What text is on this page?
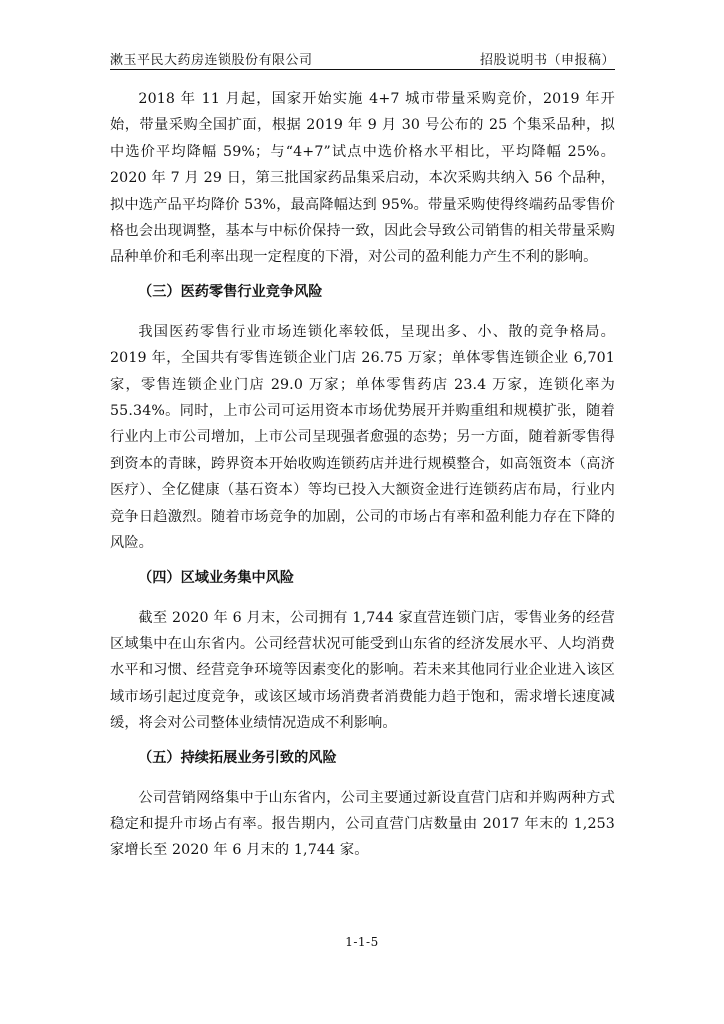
漱玉平民大药房连锁股份有限公司	招股说明书（申报稿）

2018 年 11 月起，国家开始实施 4+7 城市带量采购竞价，2019 年开始，带量采购全国扩面，根据 2019 年 9 月 30 号公布的 25 个集采品种，拟中选价平均降幅 59%；与“4+7”试点中选价格水平相比，平均降幅 25%。2020 年 7 月 29 日，第三批国家药品集采启动，本次采购共纳入 56 个品种，拟中选产品平均降价 53%，最高降幅达到 95%。带量采购使得终端药品零售价格也会出现调整，基本与中标价保持一致，因此会导致公司销售的相关带量采购品种单价和毛利率出现一定程度的下滑，对公司的盈利能力产生不利的影响。

（三）医药零售行业竞争风险

我国医药零售行业市场连锁化率较低，呈现出多、小、散的竞争格局。2019 年，全国共有零售连锁企业门店 26.75 万家；单体零售连锁企业 6,701 家，零售连锁企业门店 29.0 万家；单体零售药店 23.4 万家，连锁化率为 55.34%。同时，上市公司可运用资本市场优势展开并购重组和规模扩张，随着行业内上市公司增加，上市公司呈现强者愈强的态势；另一方面，随着新零售得到资本的青睐，跨界资本开始收购连锁药店并进行规模整合，如高瓴资本（高济医疗）、全亿健康（基石资本）等均已投入大额资金进行连锁药店布局，行业内竞争日趋激烈。随着市场竞争的加剧，公司的市场占有率和盈利能力存在下降的风险。

（四）区域业务集中风险

截至 2020 年 6 月末，公司拥有 1,744 家直营连锁门店，零售业务的经营区域集中在山东省内。公司经营状况可能受到山东省的经济发展水平、人均消费水平和习惯、经营竞争环境等因素变化的影响。若未来其他同行业企业进入该区域市场引起过度竞争，或该区域市场消费者消费能力趋于饱和，需求增长速度减缓，将会对公司整体业绩情况造成不利影响。

（五）持续拓展业务引致的风险

公司营销网络集中于山东省内，公司主要通过新设直营门店和并购两种方式稳定和提升市场占有率。报告期内，公司直营门店数量由 2017 年末的 1,253 家增长至 2020 年 6 月末的 1,744 家。

1-1-5
